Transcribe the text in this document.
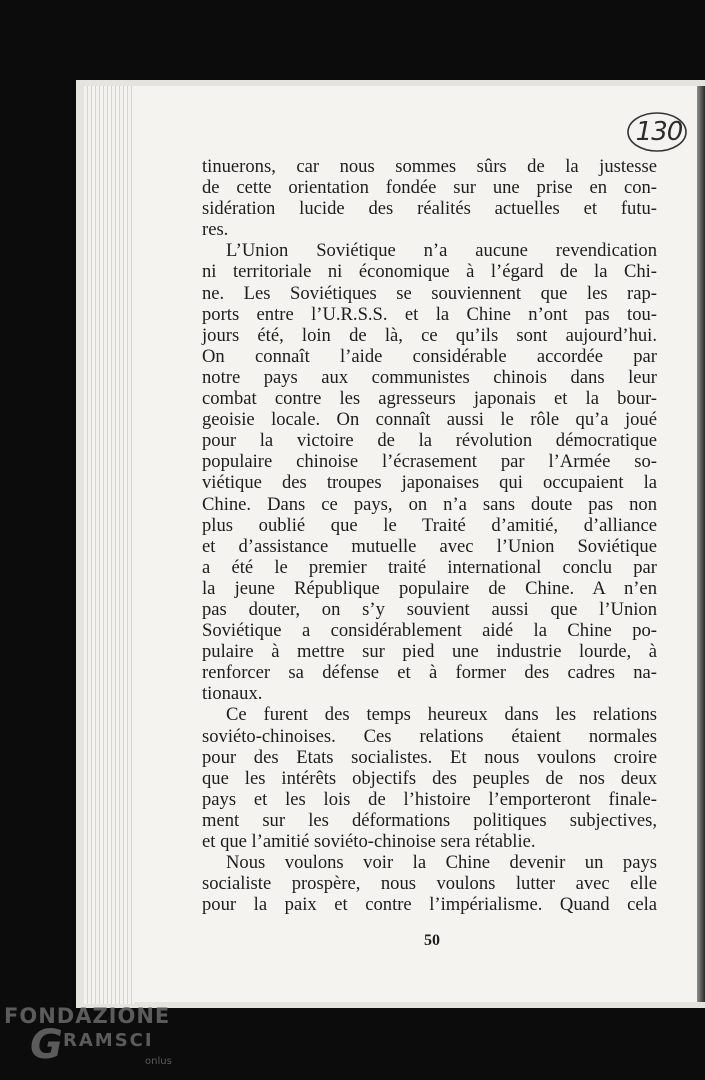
130
tinuerons, car nous sommes sûrs de la justesse
de cette orientation fondée sur une prise en con-
sidération lucide des réalités actuelles et futu-
res.
L’Union Soviétique n’a aucune revendication
ni territoriale ni économique à l’égard de la Chi-
ne. Les Soviétiques se souviennent que les rap-
ports entre l’U.R.S.S. et la Chine n’ont pas tou-
jours été, loin de là, ce qu’ils sont aujourd’hui.
On connaît l’aide considérable accordée par
notre pays aux communistes chinois dans leur
combat contre les agresseurs japonais et la bour-
geoisie locale. On connaît aussi le rôle qu’a joué
pour la victoire de la révolution démocratique
populaire chinoise l’écrasement par l’Armée so-
viétique des troupes japonaises qui occupaient la
Chine. Dans ce pays, on n’a sans doute pas non
plus oublié que le Traité d’amitié, d’alliance
et d’assistance mutuelle avec l’Union Soviétique
a été le premier traité international conclu par
la jeune République populaire de Chine. A n’en
pas douter, on s’y souvient aussi que l’Union
Soviétique a considérablement aidé la Chine po-
pulaire à mettre sur pied une industrie lourde, à
renforcer sa défense et à former des cadres na-
tionaux.
Ce furent des temps heureux dans les relations
soviéto-chinoises. Ces relations étaient normales
pour des Etats socialistes. Et nous voulons croire
que les intérêts objectifs des peuples de nos deux
pays et les lois de l’histoire l’emporteront finale-
ment sur les déformations politiques subjectives,
et que l’amitié soviéto-chinoise sera rétablie.
Nous voulons voir la Chine devenir un pays
socialiste prospère, nous voulons lutter avec elle
pour la paix et contre l’impérialisme. Quand cela
50
FONDAZIONE
G RAMSCI
onlus
